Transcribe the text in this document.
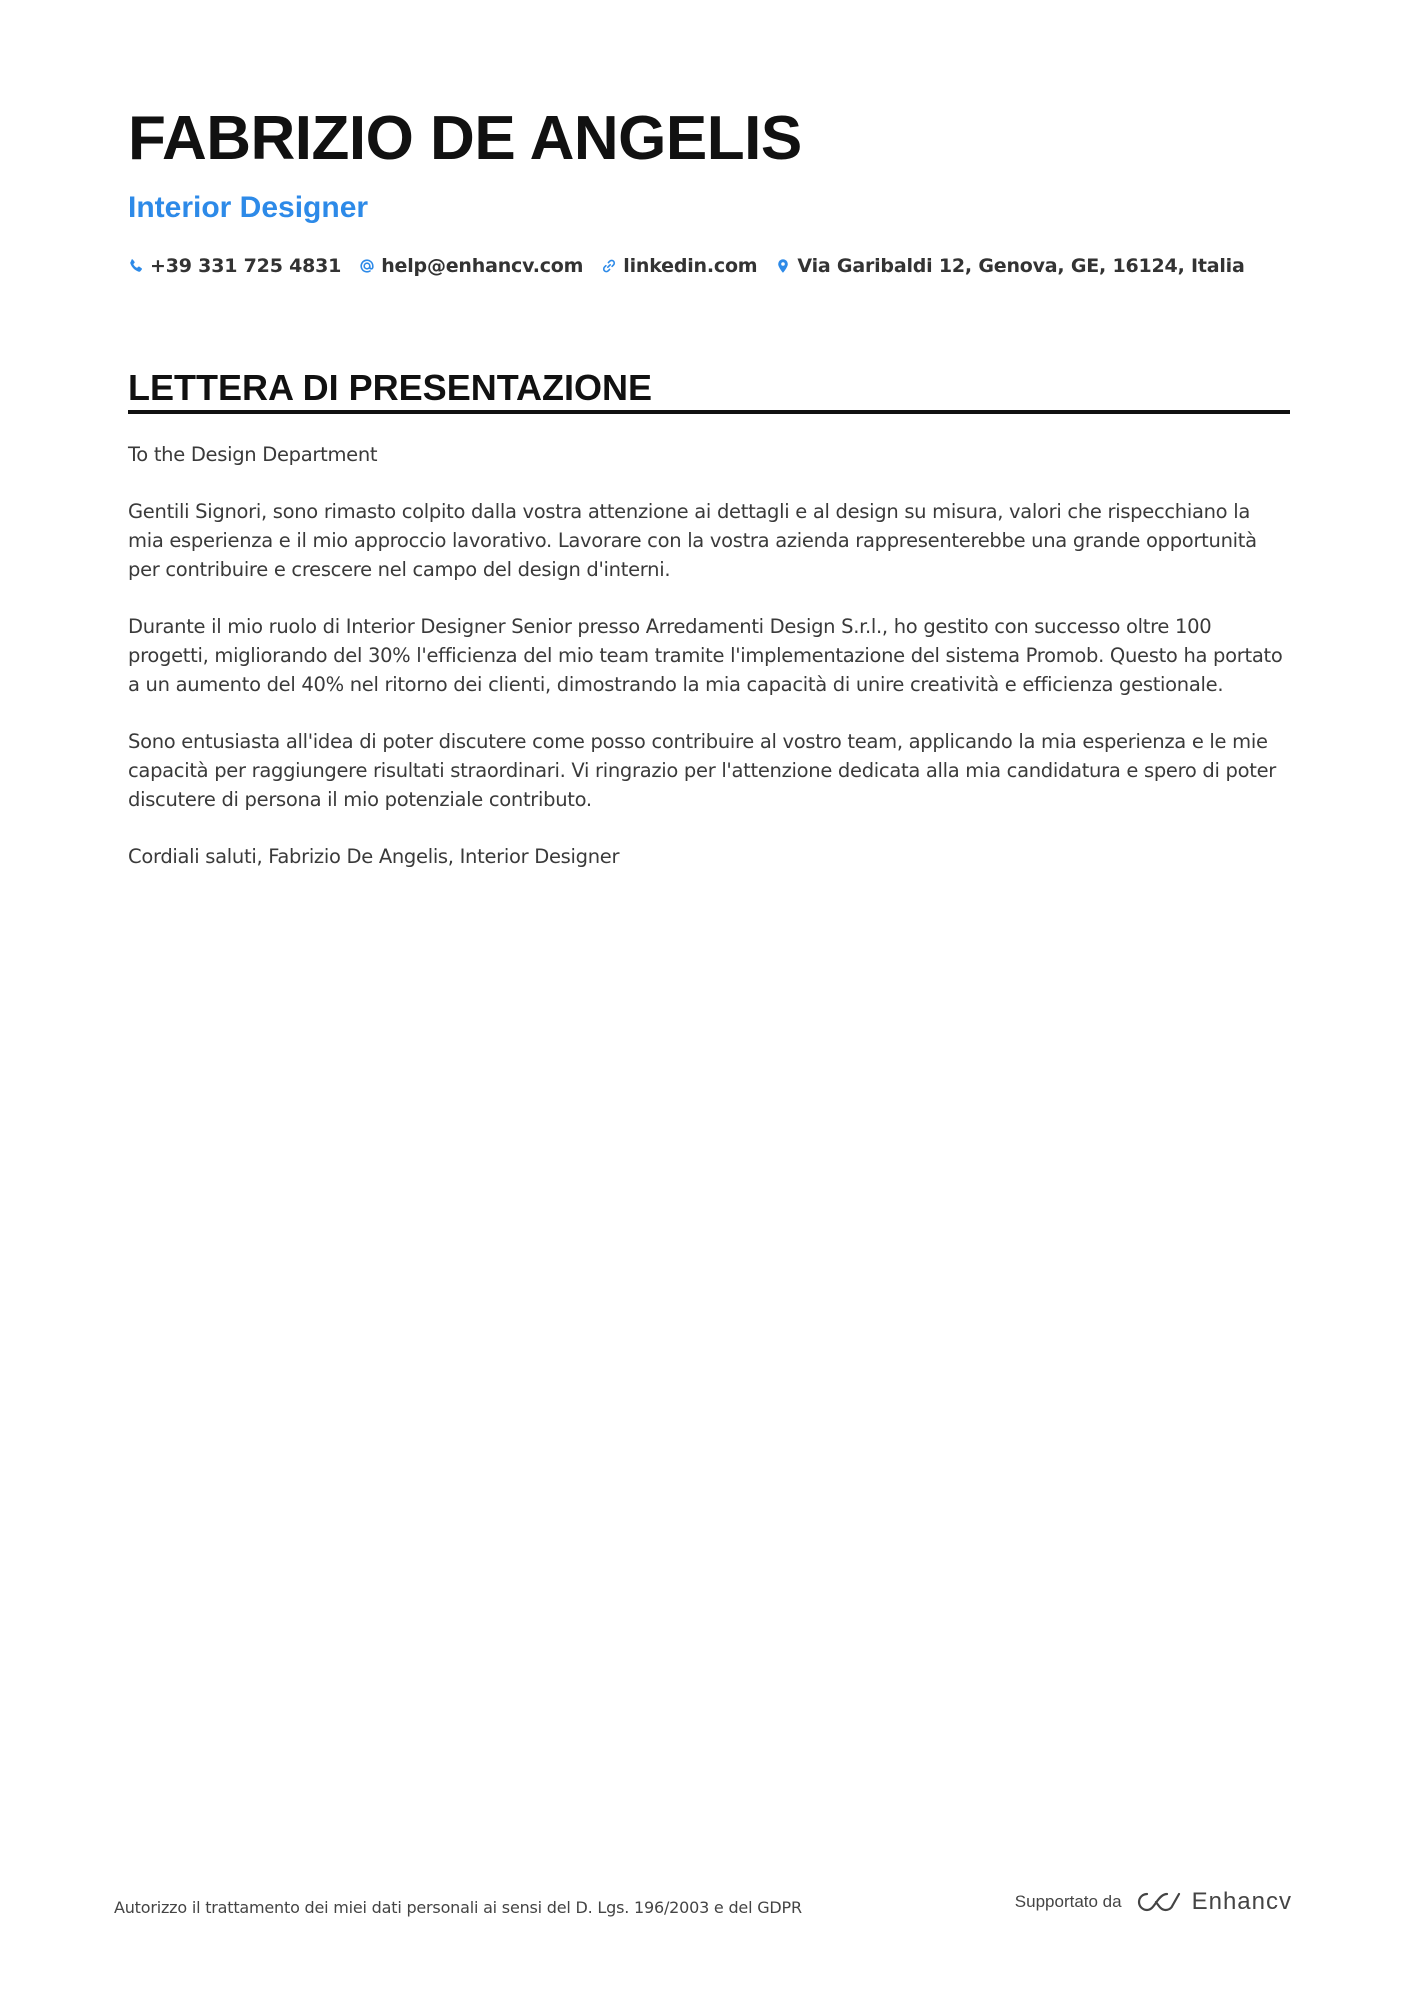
FABRIZIO DE ANGELIS
Interior Designer
+39 331 725 4831 help@enhancv.com linkedin.com Via Garibaldi 12, Genova, GE, 16124, Italia
LETTERA DI PRESENTAZIONE

To the Design Department

Gentili Signori, sono rimasto colpito dalla vostra attenzione ai dettagli e al design su misura, valori che rispecchiano la mia esperienza e il mio approccio lavorativo. Lavorare con la vostra azienda rappresenterebbe una grande opportunità per contribuire e crescere nel campo del design d'interni.

Durante il mio ruolo di Interior Designer Senior presso Arredamenti Design S.r.l., ho gestito con successo oltre 100 progetti, migliorando del 30% l'efficienza del mio team tramite l'implementazione del sistema Promob. Questo ha portato a un aumento del 40% nel ritorno dei clienti, dimostrando la mia capacità di unire creatività e efficienza gestionale.

Sono entusiasta all'idea di poter discutere come posso contribuire al vostro team, applicando la mia esperienza e le mie capacità per raggiungere risultati straordinari. Vi ringrazio per l'attenzione dedicata alla mia candidatura e spero di poter discutere di persona il mio potenziale contributo.

Cordiali saluti, Fabrizio De Angelis, Interior Designer

Autorizzo il trattamento dei miei dati personali ai sensi del D. Lgs. 196/2003 e del GDPR	Supportato da	Enhancv
